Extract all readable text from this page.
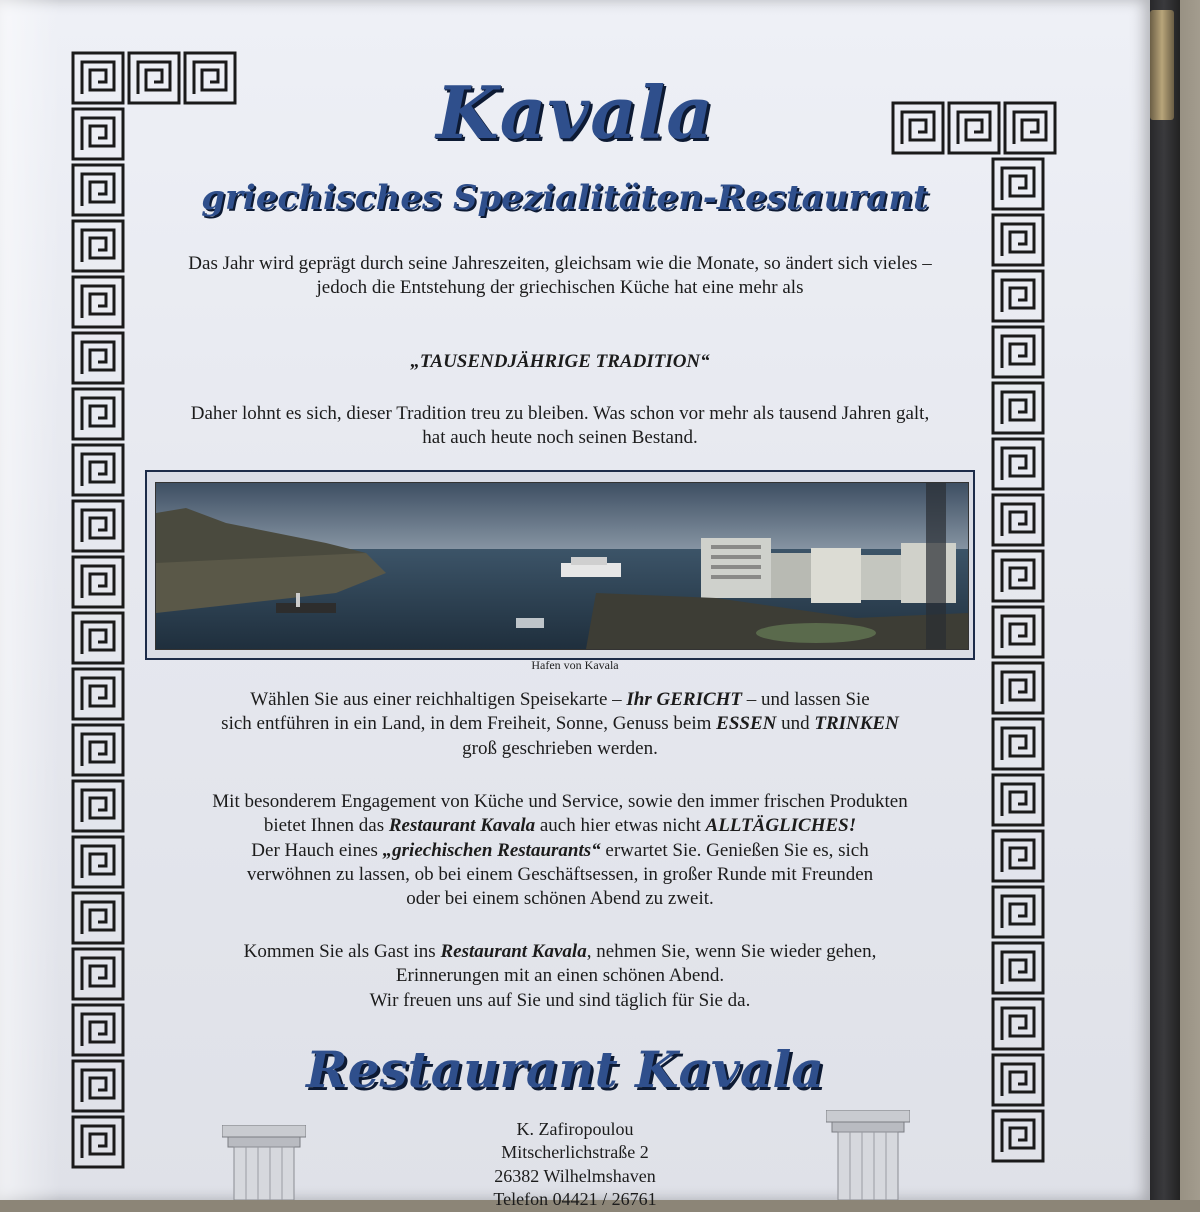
Kavala
griechisches Spezialitäten-Restaurant
Das Jahr wird geprägt durch seine Jahreszeiten, gleichsam wie die Monate, so ändert sich vieles –
jedoch die Entstehung der griechischen Küche hat eine mehr als
„TAUSENDJÄHRIGE TRADITION“
Daher lohnt es sich, dieser Tradition treu zu bleiben. Was schon vor mehr als tausend Jahren galt,
hat auch heute noch seinen Bestand.
Hafen von Kavala
Wählen Sie aus einer reichhaltigen Speisekarte – Ihr GERICHT – und lassen Sie
sich entführen in ein Land, in dem Freiheit, Sonne, Genuss beim ESSEN und TRINKEN
groß geschrieben werden.
Mit besonderem Engagement von Küche und Service, sowie den immer frischen Produkten
bietet Ihnen das Restaurant Kavala auch hier etwas nicht ALLTÄGLICHES!
Der Hauch eines „griechischen Restaurants“ erwartet Sie. Genießen Sie es, sich
verwöhnen zu lassen, ob bei einem Geschäftsessen, in großer Runde mit Freunden
oder bei einem schönen Abend zu zweit.
Kommen Sie als Gast ins Restaurant Kavala, nehmen Sie, wenn Sie wieder gehen,
Erinnerungen mit an einen schönen Abend.
Wir freuen uns auf Sie und sind täglich für Sie da.
Restaurant Kavala
K. Zafiropoulou
Mitscherlichstraße 2
26382 Wilhelmshaven
Telefon 04421 / 26761
